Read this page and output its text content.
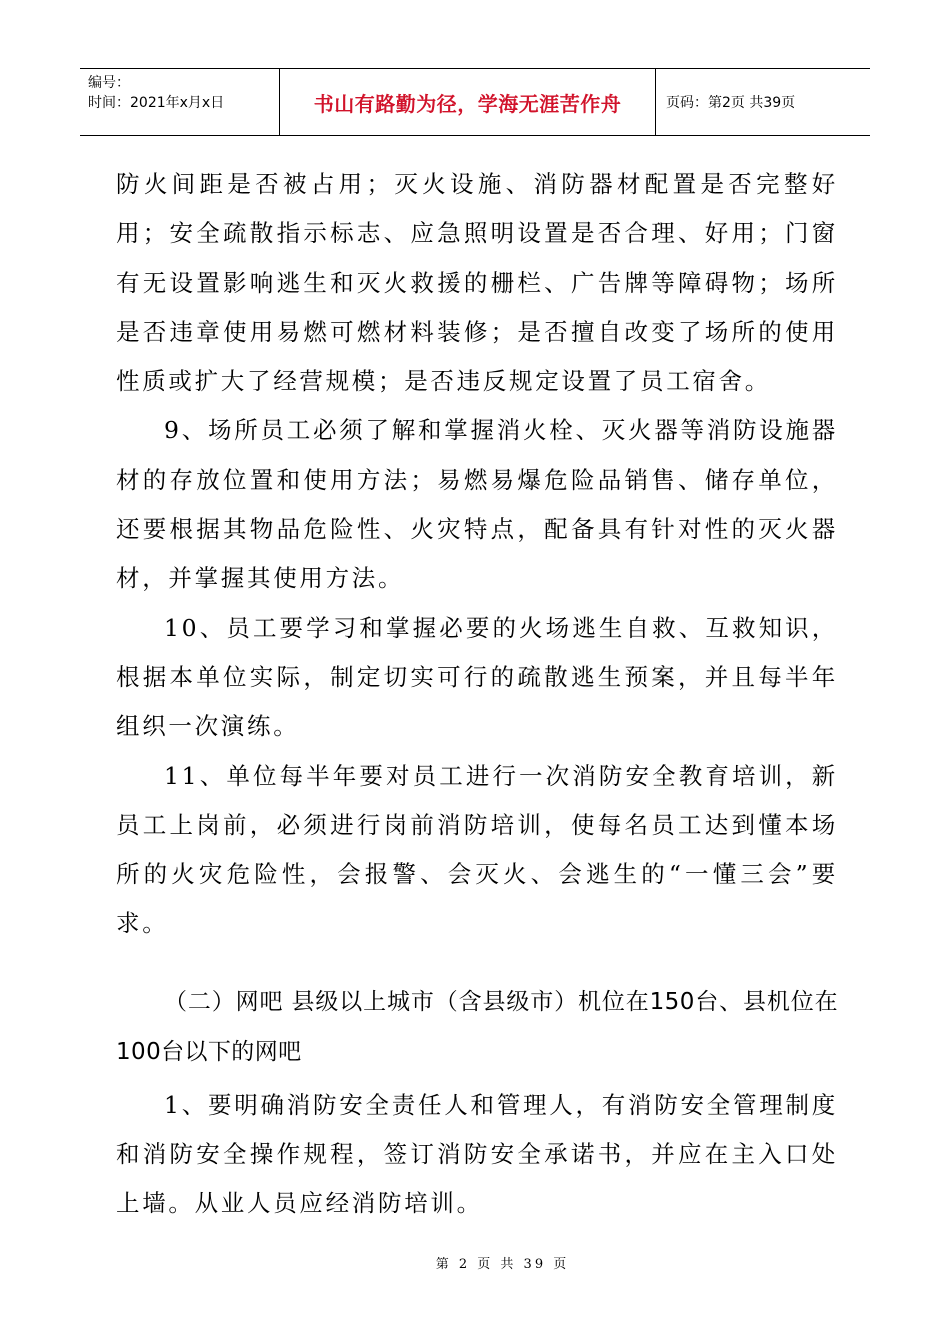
编号：
时间：2021年x月x日	书山有路勤为径，学海无涯苦作舟	页码：第2页 共39页

防火间距是否被占用；灭火设施、消防器材配置是否完整好用；安全疏散指示标志、应急照明设置是否合理、好用；门窗有无设置影响逃生和灭火救援的栅栏、广告牌等障碍物；场所是否违章使用易燃可燃材料装修；是否擅自改变了场所的使用性质或扩大了经营规模；是否违反规定设置了员工宿舍。

9、场所员工必须了解和掌握消火栓、灭火器等消防设施器材的存放位置和使用方法；易燃易爆危险品销售、储存单位，还要根据其物品危险性、火灾特点，配备具有针对性的灭火器材，并掌握其使用方法。

10、员工要学习和掌握必要的火场逃生自救、互救知识，根据本单位实际，制定切实可行的疏散逃生预案，并且每半年组织一次演练。

11、单位每半年要对员工进行一次消防安全教育培训，新员工上岗前，必须进行岗前消防培训，使每名员工达到懂本场所的火灾危险性，会报警、会灭火、会逃生的“一懂三会”要求。

（二）网吧 县级以上城市（含县级市）机位在150台、县机位在100台以下的网吧

1、要明确消防安全责任人和管理人，有消防安全管理制度和消防安全操作规程，签订消防安全承诺书，并应在主入口处上墙。从业人员应经消防培训。

第 2 页 共 39 页
